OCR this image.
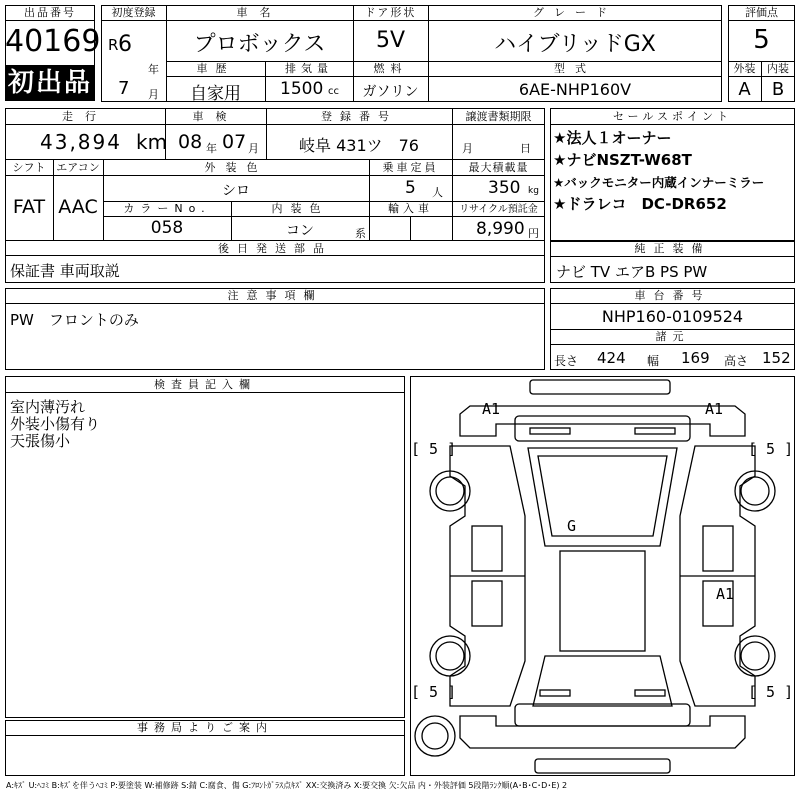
出品番号
40169
初出品
初度登録
R 6
年
7 月
車名
プロボックス
ドア形状
5V
グレード
ハイブリッドGX
車歴
自家用
排気量
1500 cc
燃料
ガソリン
型式
6AE-NHP160V
評価点
5
外装	内装
A	B
走行
43,894 km
車検
08 年 07 月
登録番号
岐阜 431ツ　76
譲渡書類期限
月	日
シフト
FAT
エアコン
AAC
外装色
シロ
乗車定員
5 人
最大積載量
350 kg
カラーNo.
058
内装色
コン	系
輸入車	リサイクル預託金
8,990 円
後日発送部品
保証書 車両取説
セールスポイント
★法人１オーナー
★ナビNSZT-W68T
★バックモニター内蔵インナーミラー
★ドラレコ　DC-DR652
純正装備
ナビ TV エアB PS PW
注意事項欄
PW　フロントのみ
車台番号
NHP160-0109524
諸元
長さ 424 幅 169 高さ 152
検査員記入欄
室内薄汚れ
外装小傷有り
天張傷小
事務局よりご案内
A1	A1
[ 5 ]	[ 5 ]
G
A1
[ 5 ]	[ 5 ]
A:ｷｽﾞ U:ﾍｺﾐ B:ｷｽﾞを伴うﾍｺﾐ P:要塗装 W:補修跡 S:錆 C:腐食、傷 G:ﾌﾛﾝﾄｶﾞﾗｽ点ｷｽﾞ XX:交換済み X:要交換 欠:欠品 内・外装評価 5段階ﾗﾝｸ順(A･B･C･D･E) 2
